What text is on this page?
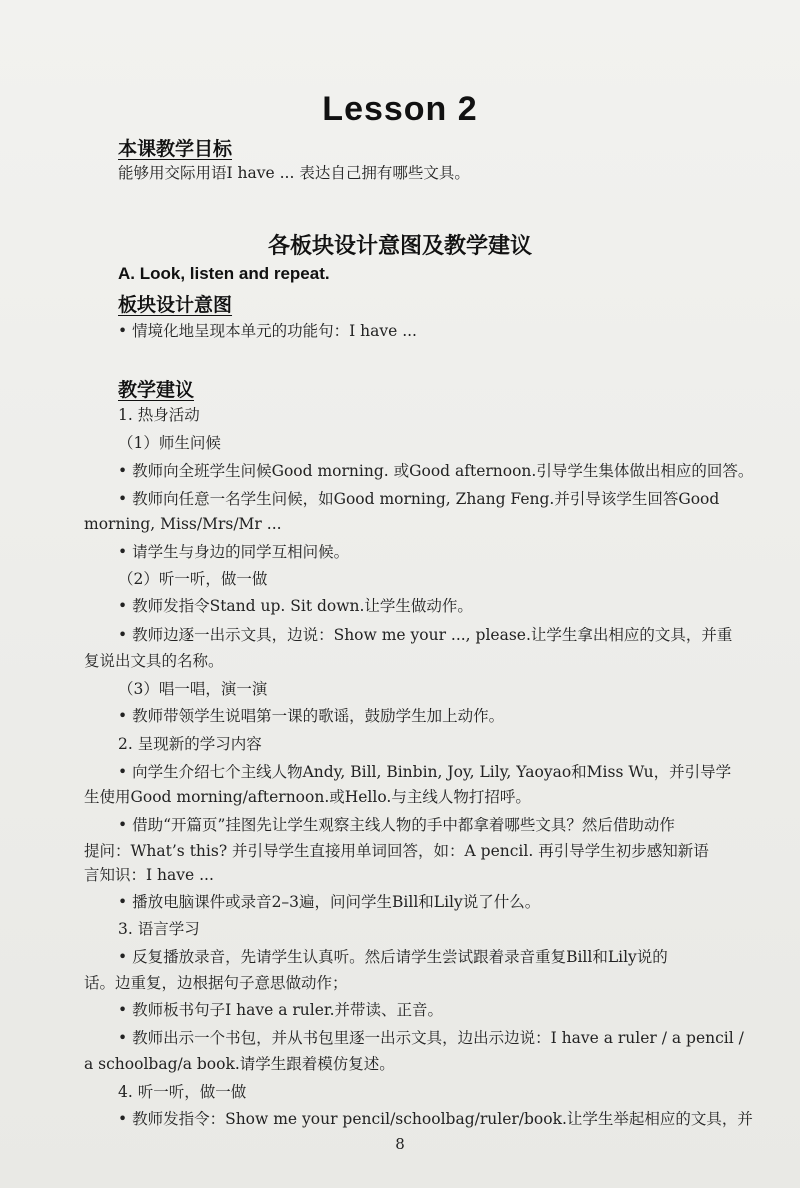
Lesson 2
本课教学目标
能够用交际用语I have ... 表达自己拥有哪些文具。
各板块设计意图及教学建议
A. Look, listen and repeat.
板块设计意图
• 情境化地呈现本单元的功能句：I have ...
教学建议
1. 热身活动
（1）师生问候
• 教师向全班学生问候Good morning. 或Good afternoon.引导学生集体做出相应的回答。
• 教师向任意一名学生问候，如Good morning, Zhang Feng.并引导该学生回答Good
morning, Miss/Mrs/Mr ...
• 请学生与身边的同学互相问候。
（2）听一听，做一做
• 教师发指令Stand up. Sit down.让学生做动作。
• 教师边逐一出示文具，边说：Show me your ..., please.让学生拿出相应的文具，并重
复说出文具的名称。
（3）唱一唱，演一演
• 教师带领学生说唱第一课的歌谣，鼓励学生加上动作。
2. 呈现新的学习内容
• 向学生介绍七个主线人物Andy, Bill, Binbin, Joy, Lily, Yaoyao和Miss Wu，并引导学
生使用Good morning/afternoon.或Hello.与主线人物打招呼。
• 借助“开篇页”挂图先让学生观察主线人物的手中都拿着哪些文具？然后借助动作
提问：What’s this? 并引导学生直接用单词回答，如：A pencil. 再引导学生初步感知新语
言知识：I have ...
• 播放电脑课件或录音2–3遍，问问学生Bill和Lily说了什么。
3. 语言学习
• 反复播放录音，先请学生认真听。然后请学生尝试跟着录音重复Bill和Lily说的
话。边重复，边根据句子意思做动作；
• 教师板书句子I have a ruler.并带读、正音。
• 教师出示一个书包，并从书包里逐一出示文具，边出示边说：I have a ruler / a pencil /
a schoolbag/a book.请学生跟着模仿复述。
4. 听一听，做一做
• 教师发指令：Show me your pencil/schoolbag/ruler/book.让学生举起相应的文具，并
8
